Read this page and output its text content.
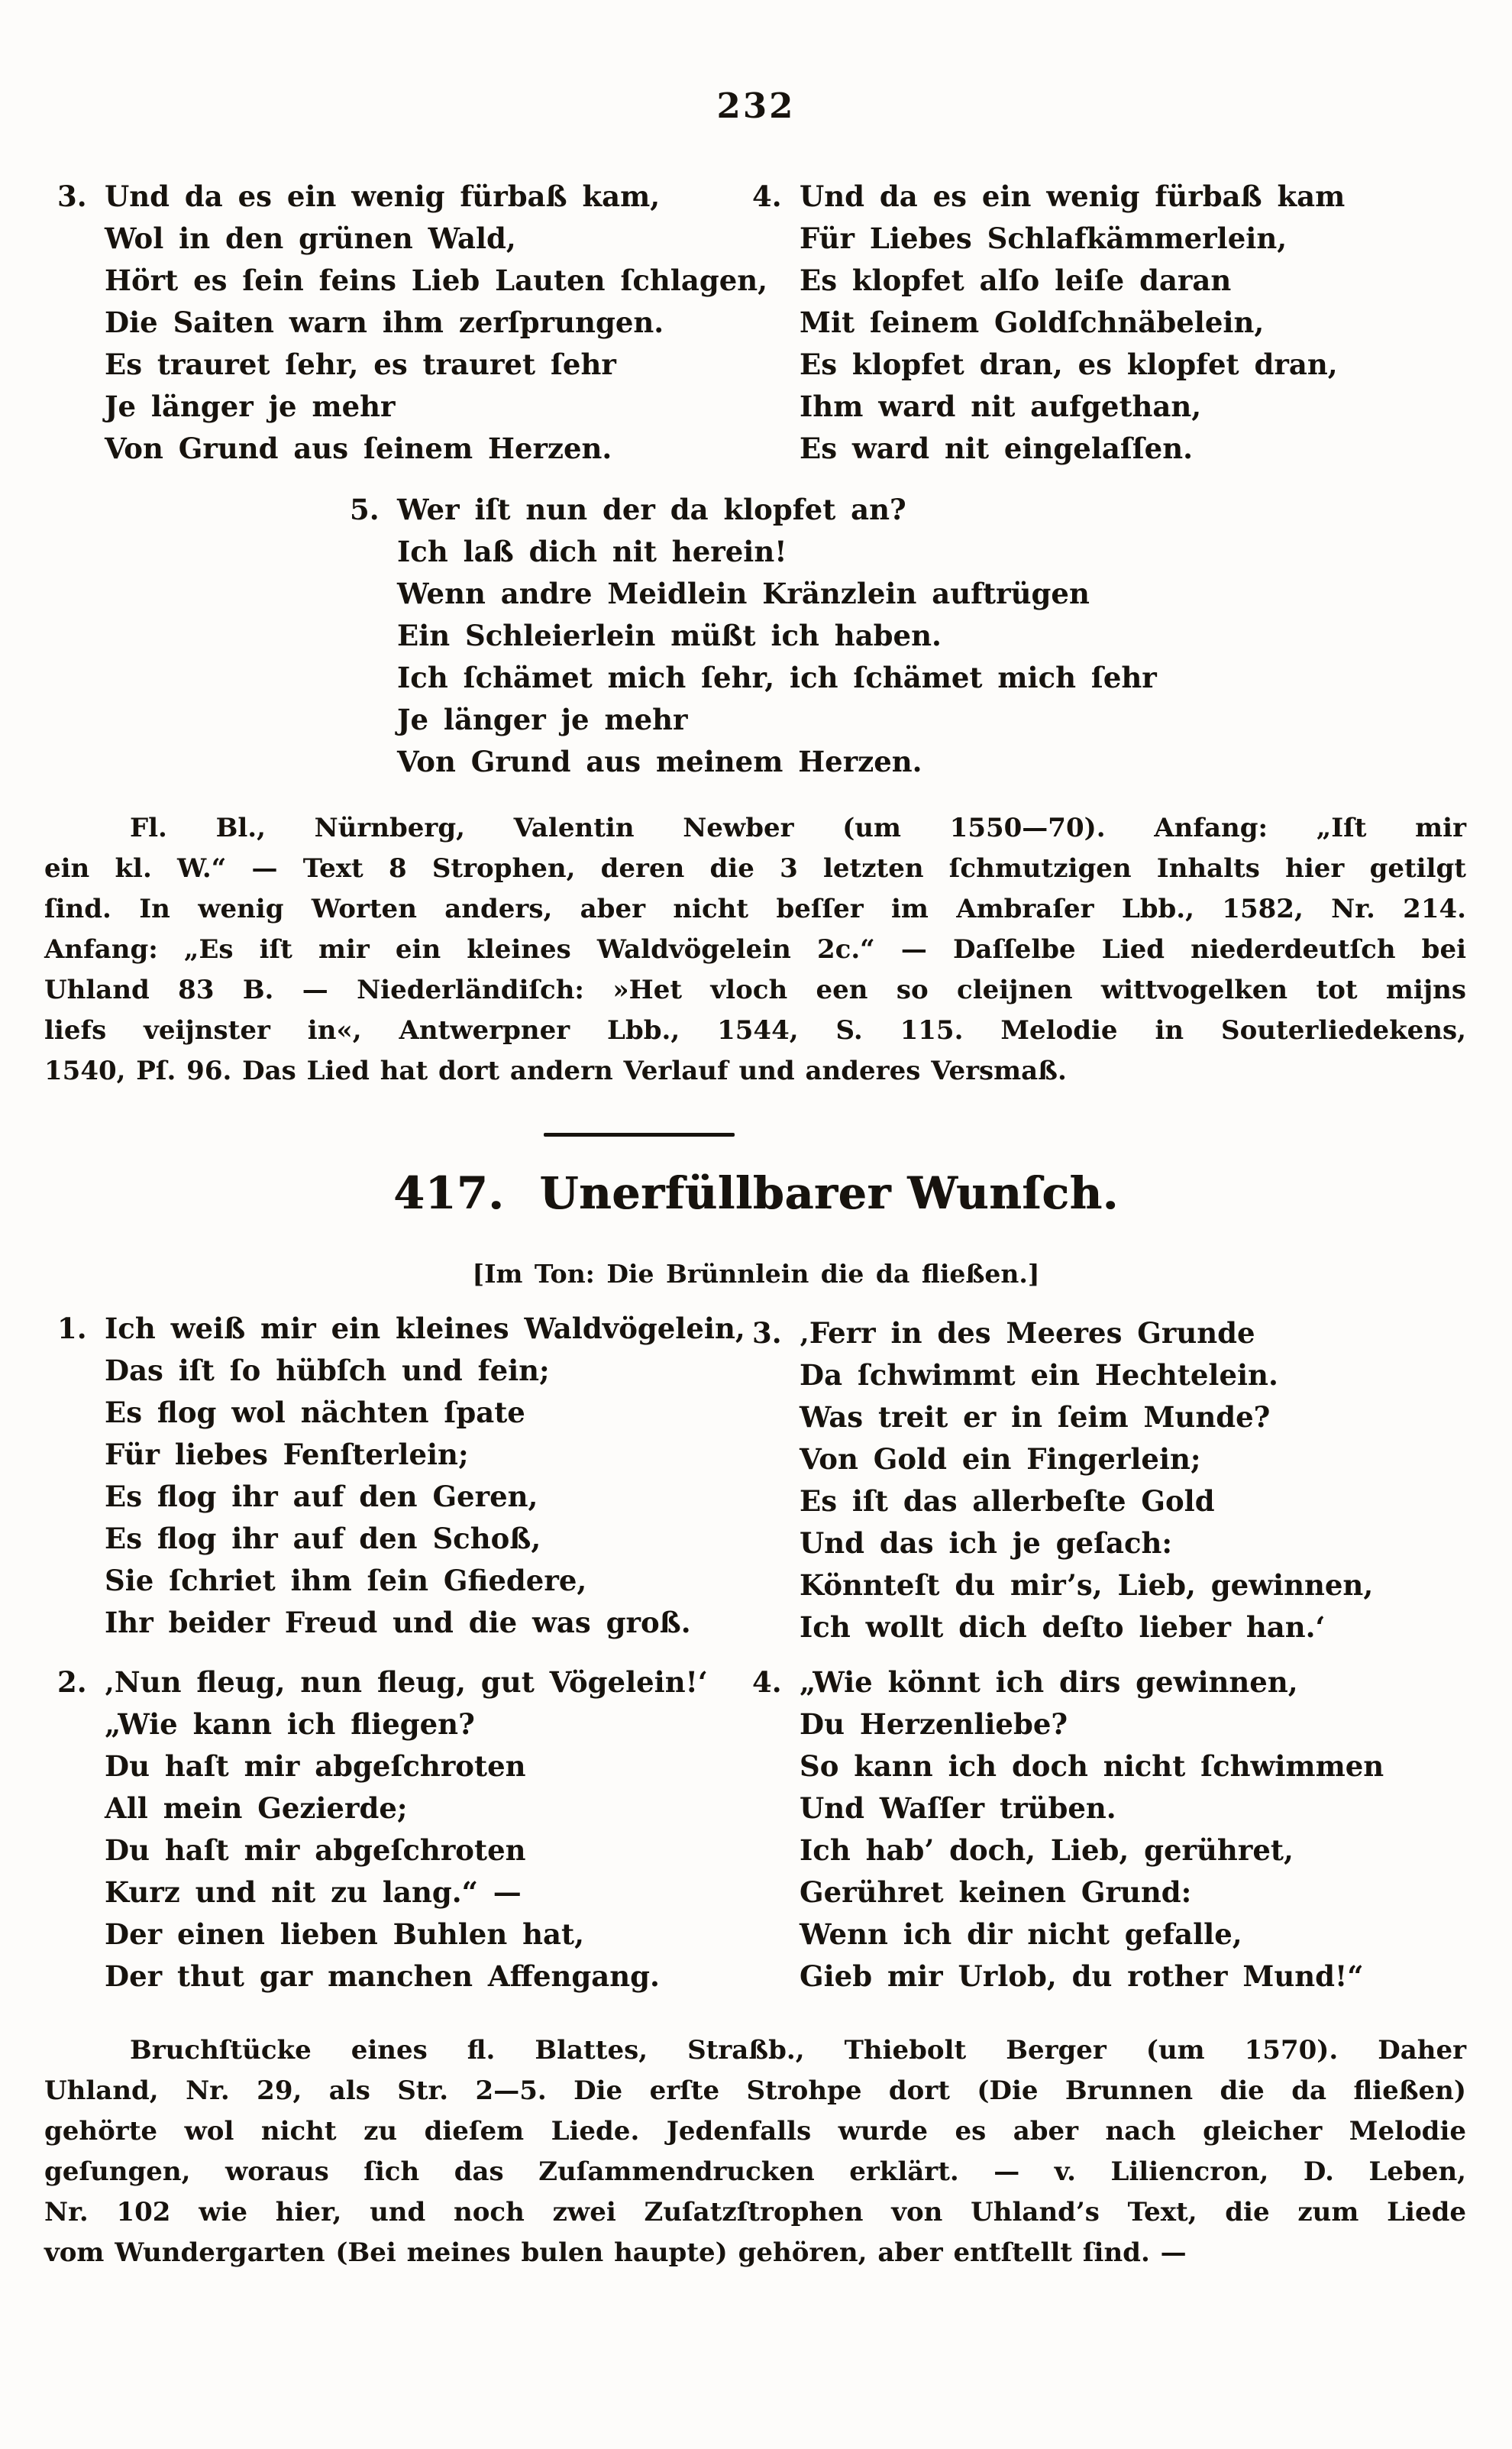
232
3. Und da es ein wenig fürbaß kam,
Wol in den grünen Wald,
Hört es ſein feins Lieb Lauten ſchlagen,
Die Saiten warn ihm zerſprungen.
Es trauret ſehr, es trauret ſehr
Je länger je mehr
Von Grund aus ſeinem Herzen.
4. Und da es ein wenig fürbaß kam
Für Liebes Schlafkämmerlein,
Es klopfet alſo leiſe daran
Mit ſeinem Goldſchnäbelein,
Es klopfet dran, es klopfet dran,
Ihm ward nit aufgethan,
Es ward nit eingelaſſen.
5. Wer iſt nun der da klopfet an?
Ich laß dich nit herein!
Wenn andre Meidlein Kränzlein auftrügen
Ein Schleierlein müßt ich haben.
Ich ſchämet mich ſehr, ich ſchämet mich ſehr
Je länger je mehr
Von Grund aus meinem Herzen.
Fl. Bl., Nürnberg, Valentin Newber (um 1550—70). Anfang: „Iſt mir
ein kl. W.“ — Text 8 Strophen, deren die 3 letzten ſchmutzigen Inhalts hier getilgt
ſind. In wenig Worten anders, aber nicht beſſer im Ambraſer Lbb., 1582, Nr. 214.
Anfang: „Es iſt mir ein kleines Waldvögelein 2c.“ — Daſſelbe Lied niederdeutſch bei
Uhland 83 B. — Niederländiſch: »Het vloch een so cleijnen wittvogelken tot mijns
liefs veijnster in«, Antwerpner Lbb., 1544, S. 115. Melodie in Souterliedekens,
1540, Pſ. 96. Das Lied hat dort andern Verlauf und anderes Versmaß.
417. Unerfüllbarer Wunſch.
[Im Ton: Die Brünnlein die da fließen.]
1. Ich weiß mir ein kleines Waldvögelein,
Das iſt ſo hübſch und fein;
Es flog wol nächten ſpate
Für liebes Fenſterlein;
Es flog ihr auf den Geren,
Es flog ihr auf den Schoß,
Sie ſchriet ihm ſein Gfiedere,
Ihr beider Freud und die was groß.
3. ‚Ferr in des Meeres Grunde
Da ſchwimmt ein Hechtelein.
Was treit er in ſeim Munde?
Von Gold ein Fingerlein;
Es iſt das allerbeſte Gold
Und das ich je geſach:
Könnteſt du mir’s, Lieb, gewinnen,
Ich wollt dich deſto lieber han.‘
2. ‚Nun fleug, nun fleug, gut Vögelein!‘
„Wie kann ich fliegen?
Du haſt mir abgeſchroten
All mein Gezierde;
Du haſt mir abgeſchroten
Kurz und nit zu lang.“ —
Der einen lieben Buhlen hat,
Der thut gar manchen Affengang.
4. „Wie könnt ich dirs gewinnen,
Du Herzenliebe?
So kann ich doch nicht ſchwimmen
Und Waſſer trüben.
Ich hab’ doch, Lieb, gerühret,
Gerühret keinen Grund:
Wenn ich dir nicht gefalle,
Gieb mir Urlob, du rother Mund!“
Bruchſtücke eines fl. Blattes, Straßb., Thiebolt Berger (um 1570). Daher
Uhland, Nr. 29, als Str. 2—5. Die erſte Strohpe dort (Die Brunnen die da fließen)
gehörte wol nicht zu dieſem Liede. Jedenfalls wurde es aber nach gleicher Melodie
geſungen, woraus ſich das Zuſammendrucken erklärt. — v. Liliencron, D. Leben,
Nr. 102 wie hier, und noch zwei Zuſatzſtrophen von Uhland’s Text, die zum Liede
vom Wundergarten (Bei meines bulen haupte) gehören, aber entſtellt ſind. —
